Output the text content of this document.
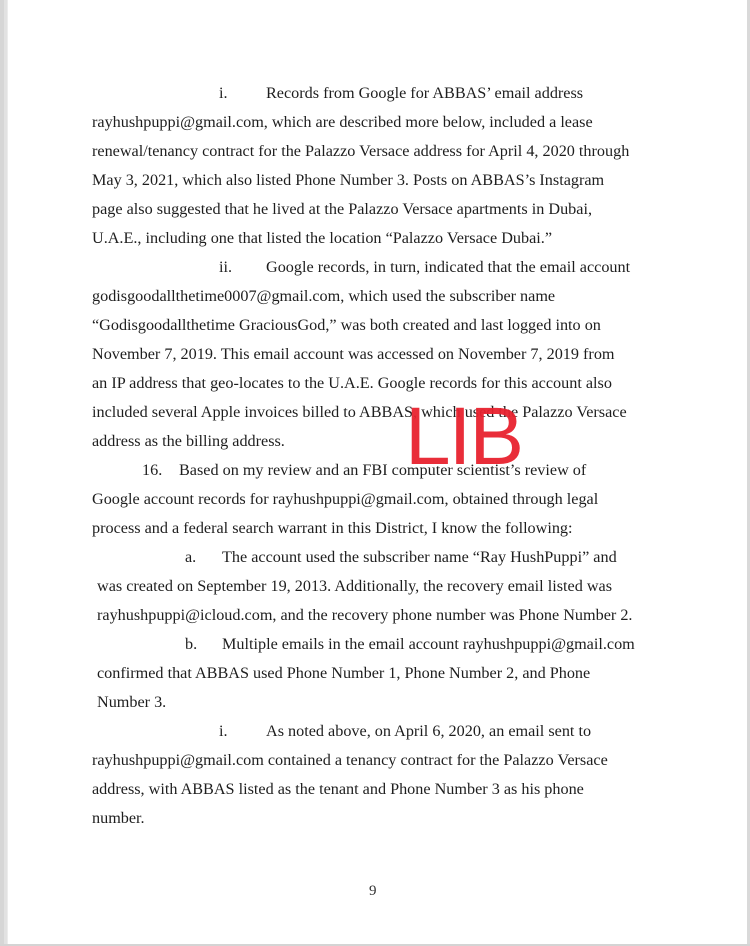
i. Records from Google for ABBAS’ email address
rayhushpuppi@gmail.com, which are described more below, included a lease
renewal/tenancy contract for the Palazzo Versace address for April 4, 2020 through
May 3, 2021, which also listed Phone Number 3. Posts on ABBAS’s Instagram
page also suggested that he lived at the Palazzo Versace apartments in Dubai,
U.A.E., including one that listed the location “Palazzo Versace Dubai.”
ii. Google records, in turn, indicated that the email account
godisgoodallthetime0007@gmail.com, which used the subscriber name
“Godisgoodallthetime GraciousGod,” was both created and last logged into on
November 7, 2019. This email account was accessed on November 7, 2019 from
an IP address that geo-locates to the U.A.E. Google records for this account also
included several Apple invoices billed to ABBAS, which used the Palazzo Versace
address as the billing address.
16. Based on my review and an FBI computer scientist’s review of
Google account records for rayhushpuppi@gmail.com, obtained through legal
process and a federal search warrant in this District, I know the following:
a. The account used the subscriber name “Ray HushPuppi” and
was created on September 19, 2013. Additionally, the recovery email listed was
rayhushpuppi@icloud.com, and the recovery phone number was Phone Number 2.
b. Multiple emails in the email account rayhushpuppi@gmail.com
confirmed that ABBAS used Phone Number 1, Phone Number 2, and Phone
Number 3.
i. As noted above, on April 6, 2020, an email sent to
rayhushpuppi@gmail.com contained a tenancy contract for the Palazzo Versace
address, with ABBAS listed as the tenant and Phone Number 3 as his phone
number.
LIB
9
